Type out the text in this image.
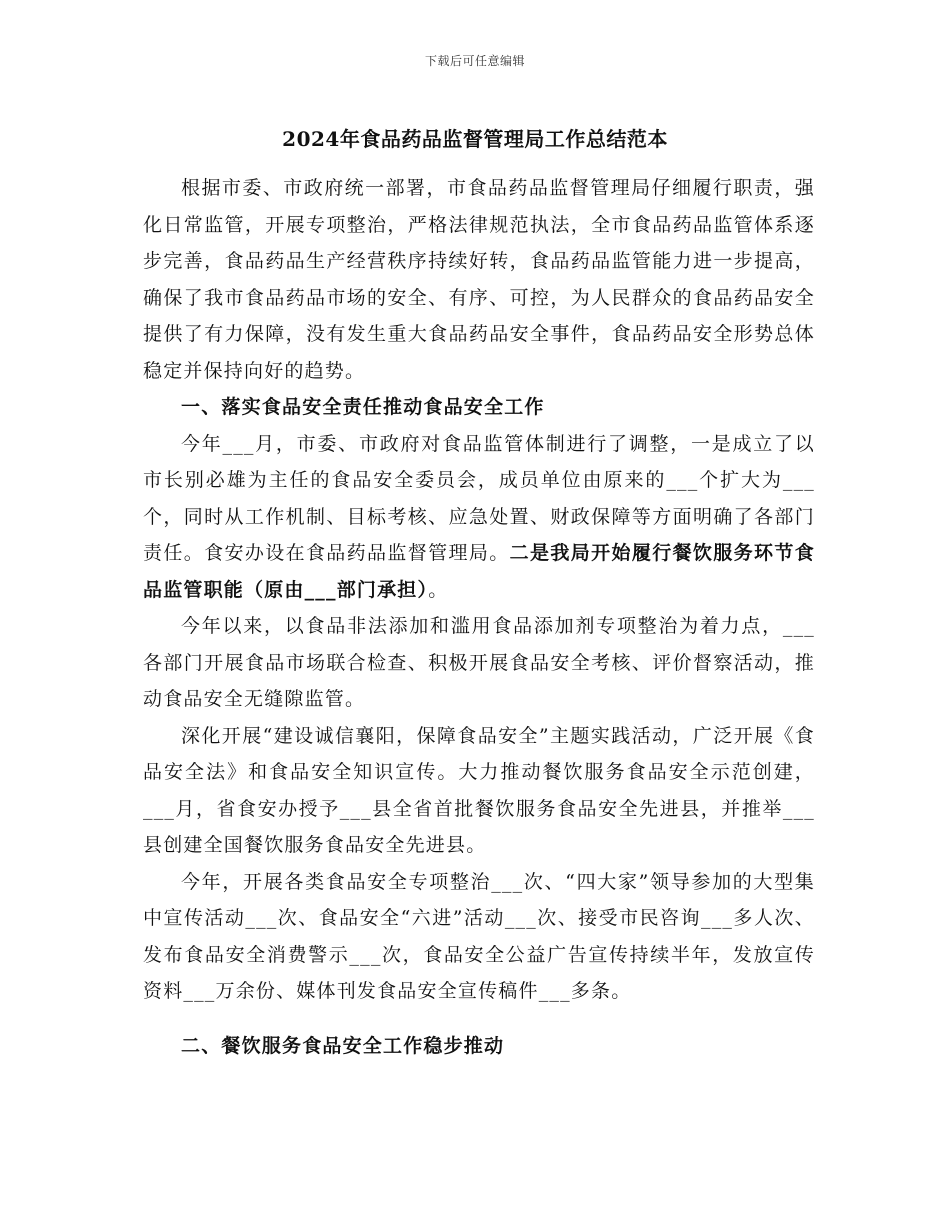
下载后可任意编辑
2024年食品药品监督管理局工作总结范本

根据市委、市政府统一部署，市食品药品监督管理局仔细履行职责，强化日常监管，开展专项整治，严格法律规范执法，全市食品药品监管体系逐步完善，食品药品生产经营秩序持续好转，食品药品监管能力进一步提高，确保了我市食品药品市场的安全、有序、可控，为人民群众的食品药品安全提供了有力保障，没有发生重大食品药品安全事件，食品药品安全形势总体稳定并保持向好的趋势。

一、落实食品安全责任推动食品安全工作

今年___月，市委、市政府对食品监管体制进行了调整，一是成立了以市长别必雄为主任的食品安全委员会，成员单位由原来的___个扩大为___个，同时从工作机制、目标考核、应急处置、财政保障等方面明确了各部门责任。食安办设在食品药品监督管理局。二是我局开始履行餐饮服务环节食品监管职能（原由___部门承担）。

今年以来，以食品非法添加和滥用食品添加剂专项整治为着力点，___各部门开展食品市场联合检查、积极开展食品安全考核、评价督察活动，推动食品安全无缝隙监管。

深化开展“建设诚信襄阳，保障食品安全”主题实践活动，广泛开展《食品安全法》和食品安全知识宣传。大力推动餐饮服务食品安全示范创建，___月，省食安办授予___县全省首批餐饮服务食品安全先进县，并推举___县创建全国餐饮服务食品安全先进县。

今年，开展各类食品安全专项整治___次、“四大家”领导参加的大型集中宣传活动___次、食品安全“六进”活动___次、接受市民咨询___多人次、发布食品安全消费警示___次，食品安全公益广告宣传持续半年，发放宣传资料___万余份、媒体刊发食品安全宣传稿件___多条。

二、餐饮服务食品安全工作稳步推动
